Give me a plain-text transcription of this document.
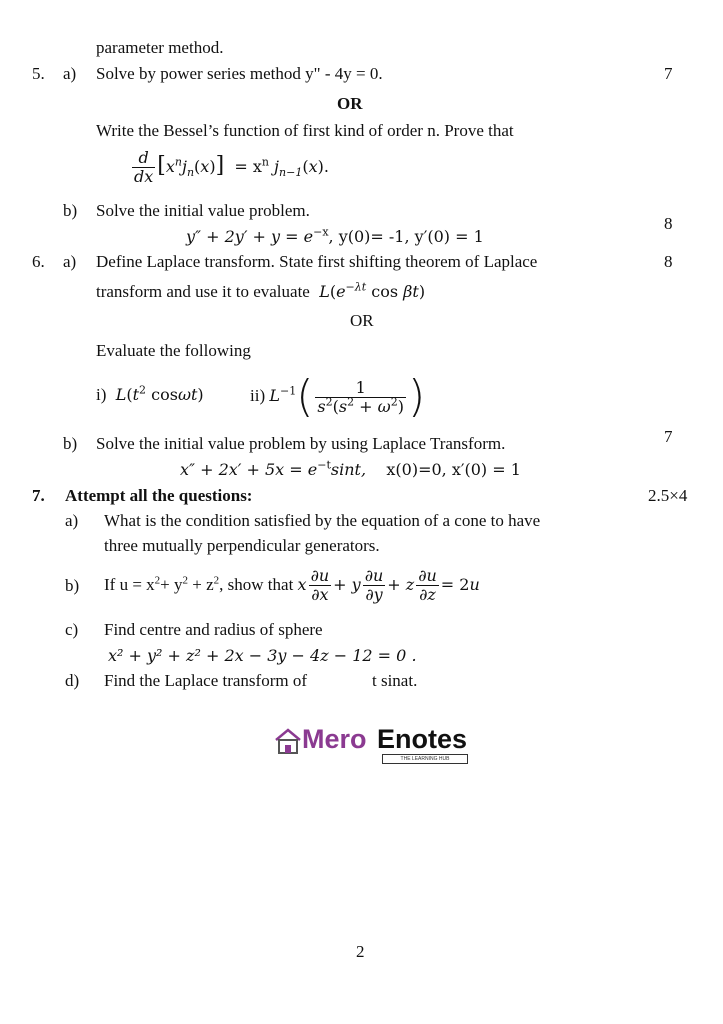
parameter method.
5. a) Solve by power series method y" - 4y = 0.	7
OR
Write the Bessel’s function of first kind of order n. Prove that
$\frac{d}{dx} [x^nj_n(x)] = x^n$ $j_{n-1}(x)$.
b) Solve the initial value problem.
8
$y'' + 2y' + y = e^{-x}$, y(0)= -1, y′(0) = 1
6. a) Define Laplace transform. State first shifting theorem of Laplace	8
transform and use it to evaluate $L(e^{-\lambda t}$ cos βt)
OR
Evaluate the following
i)  $L(t^2$ cosωt)	ii) $L^{-1}( \frac{1}{s^2(s^2 + \omega^2)}$ )
b) Solve the initial value problem by using Laplace Transform.	7
$x'' + 2x' + 5x = e^{-t}\sin t$, x(0)=0, x′(0) = 1
7. Attempt all the questions:	2.5×4
a) What is the condition satisfied by the equation of a cone to have
three mutually perpendicular generators.
b) If $u = x^2+ y^2 + z^2$, show that x $\frac{\partial u}{\partial x} + y \frac{\partial u}{\partial y} + z \frac{\partial u}{\partial z} = 2u$
c) Find centre and radius of sphere
x² + y² + z² + 2x − 3y − 4z − 12 = 0 .
d) Find the Laplace transform of	t sinat.
Mero Enotes
THE LEARNING HUB
2
